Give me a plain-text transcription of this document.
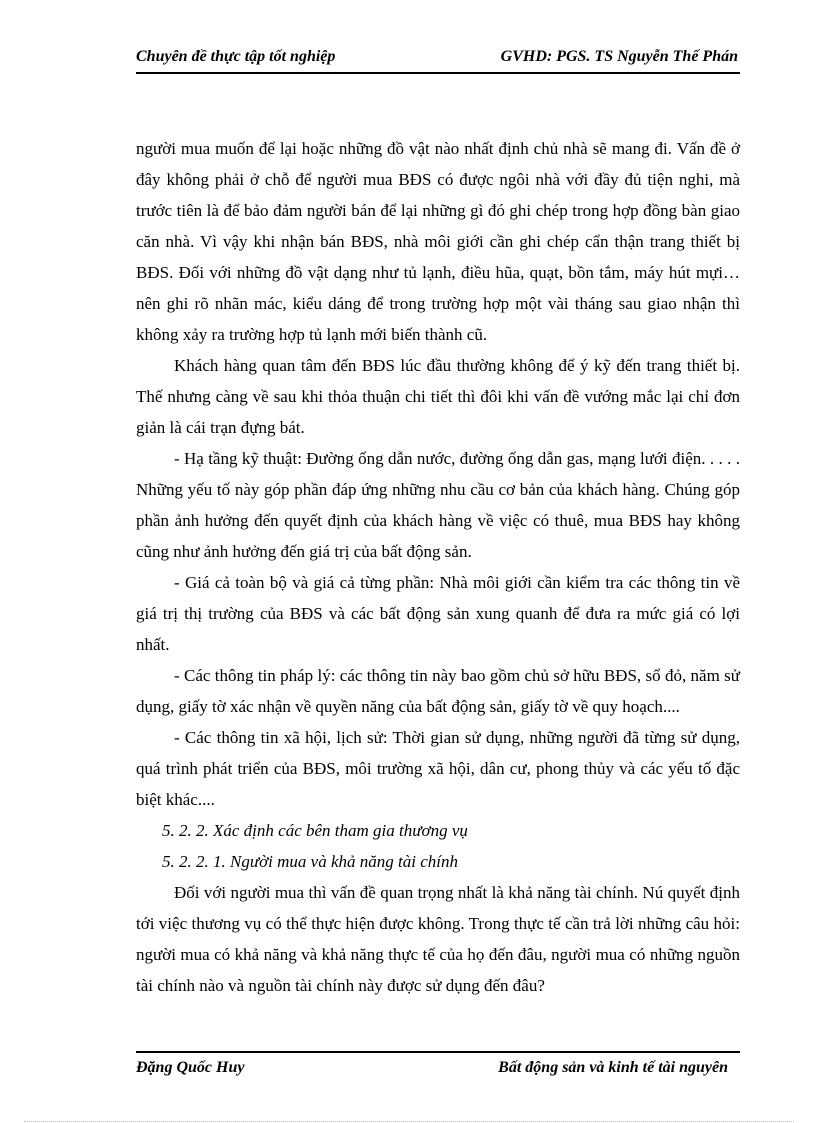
Chuyên đề thực tập tốt nghiệp	GVHD: PGS. TS Nguyễn Thế Phán

người mua muốn để lại hoặc những đồ vật nào nhất định chủ nhà sẽ mang đi. Vấn đề ở đây không phải ở chỗ để người mua BĐS có được ngôi nhà với đầy đủ tiện nghi, mà trước tiên là để bảo đảm người bán để lại những gì đó ghi chép trong hợp đồng bàn giao căn nhà. Vì vậy khi nhận bán BĐS, nhà môi giới cần ghi chép cẩn thận trang thiết bị BĐS. Đối với những đồ vật dạng như tủ lạnh, điều hũa, quạt, bồn tắm, máy hút mựi… nên ghi rõ nhãn mác, kiểu dáng để trong trường hợp một vài tháng sau giao nhận thì không xảy ra trường hợp tủ lạnh mới biến thành cũ.

Khách hàng quan tâm đến BĐS lúc đầu thường không để ý kỹ đến trang thiết bị. Thế nhưng càng về sau khi thỏa thuận chi tiết thì đôi khi vấn đề vướng mắc lại chỉ đơn giản là cái trạn đựng bát.

- Hạ tầng kỹ thuật: Đường ống dẫn nước, đường ống dẫn gas, mạng lưới điện. . . . . Những yếu tố này góp phần đáp ứng những nhu cầu cơ bản của khách hàng. Chúng góp phần ảnh hưởng đến quyết định của khách hàng về việc có thuê, mua BĐS hay không cũng như ảnh hưởng đến giá trị của bất động sản.

- Giá cả toàn bộ và giá cả từng phần: Nhà môi giới cần kiểm tra các thông tin về giá trị thị trường của BĐS và các bất động sản xung quanh để đưa ra mức giá có lợi nhất.

- Các thông tin pháp lý: các thông tin này bao gồm chủ sở hữu BĐS, sổ đỏ, năm sử dụng, giấy tờ xác nhận về quyền năng của bất động sản, giấy tờ về quy hoạch....

- Các thông tin xã hội, lịch sử: Thời gian sử dụng, những người đã từng sử dụng, quá trình phát triển của BĐS, môi trường xã hội, dân cư, phong thủy và các yếu tố đặc biệt khác....

5. 2. 2. Xác định các bên tham gia thương vụ

5. 2. 2. 1. Người mua và khả năng tài chính

Đối với người mua thì vấn đề quan trọng nhất là khả năng tài chính. Nú quyết định tới việc thương vụ có thể thực hiện được không. Trong thực tế cần trả lời những câu hỏi: người mua có khả năng và khả năng thực tế của họ đến đâu, người mua có những nguồn tài chính nào và nguồn tài chính này được sử dụng đến đâu?

Đặng Quốc Huy	Bất động sản và kinh tế tài nguyên
